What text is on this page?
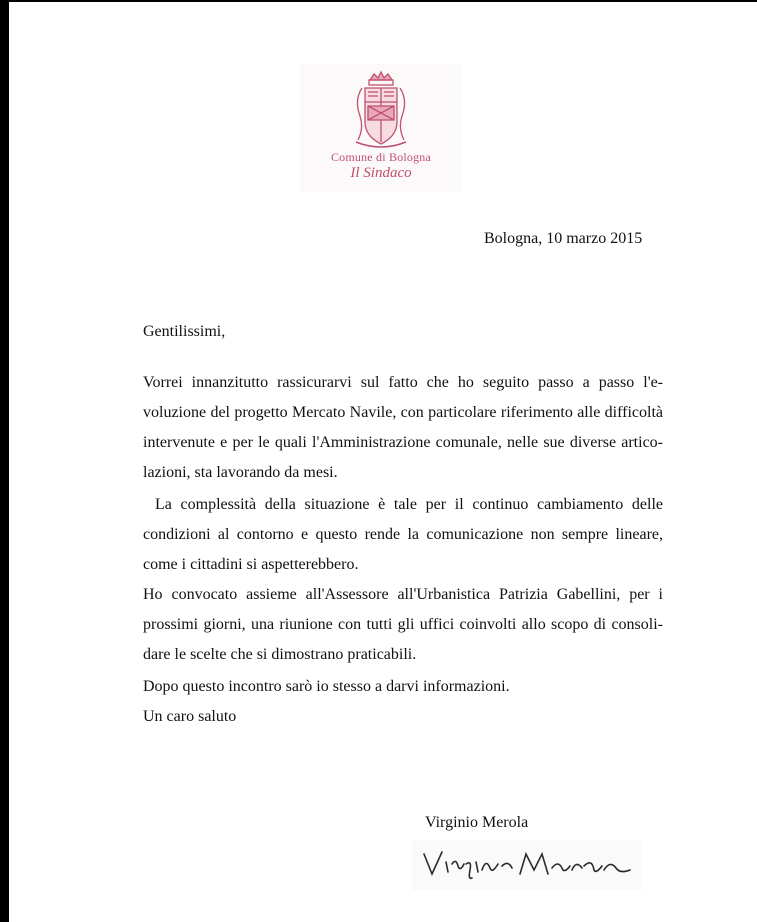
Comune di Bologna
Il Sindaco
Bologna, 10 marzo 2015
Gentilissimi,

Vorrei innanzitutto rassicurarvi sul fatto che ho seguito passo a passo l'e- voluzione del progetto Mercato Navile, con particolare riferimento alle difficoltà intervenute e per le quali l'Amministrazione comunale, nelle sue diverse artico- lazioni, sta lavorando da mesi.

La complessità della situazione è tale per il continuo cambiamento delle condizioni al contorno e questo rende la comunicazione non sempre lineare, come i cittadini si aspetterebbero.

Ho convocato assieme all'Assessore all'Urbanistica Patrizia Gabellini, per i prossimi giorni, una riunione con tutti gli uffici coinvolti allo scopo di consoli- dare le scelte che si dimostrano praticabili.

Dopo questo incontro sarò io stesso a darvi informazioni.
Un caro saluto
Virginio Merola
